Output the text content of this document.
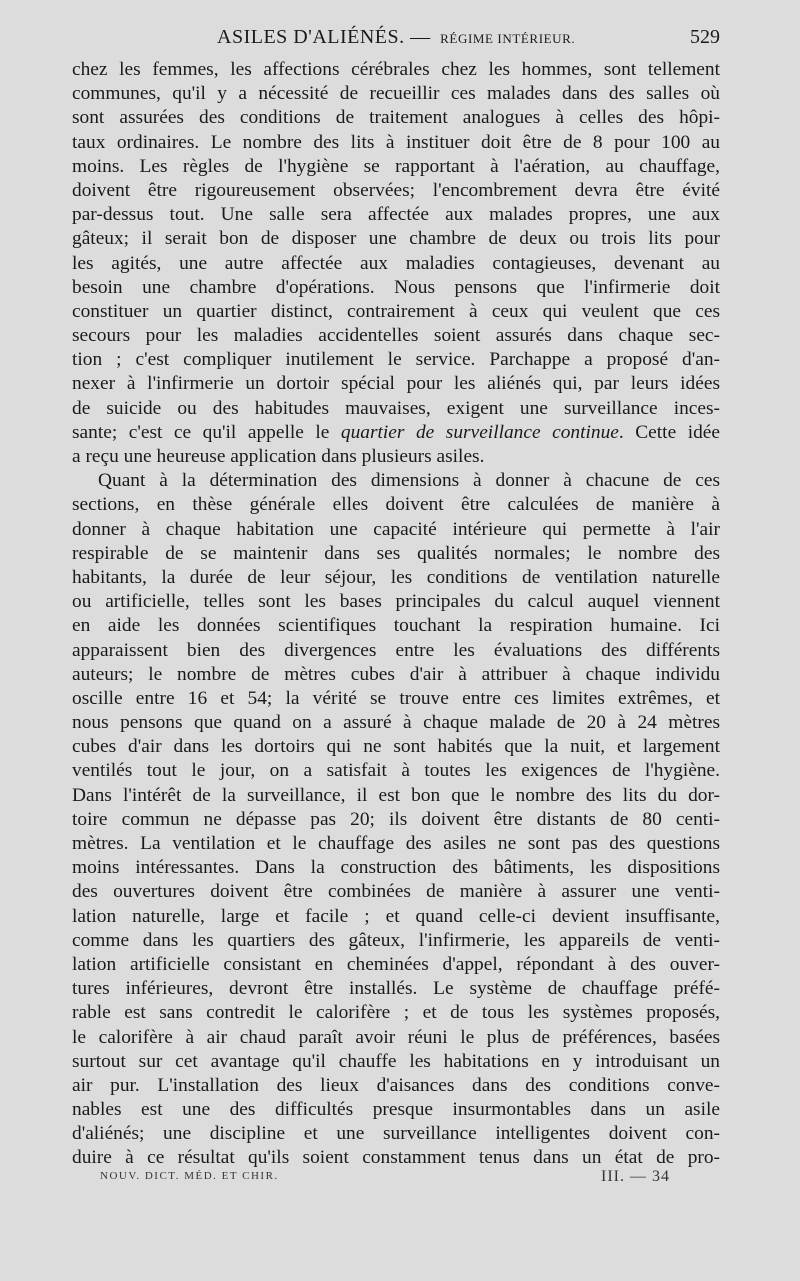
ASILES D'ALIÉNÉS. — RÉGIME INTÉRIEUR.	529
chez les femmes, les affections cérébrales chez les hommes, sont tellement
communes, qu'il y a nécessité de recueillir ces malades dans des salles où
sont assurées des conditions de traitement analogues à celles des hôpi-
taux ordinaires. Le nombre des lits à instituer doit être de 8 pour 100 au
moins. Les règles de l'hygiène se rapportant à l'aération, au chauffage,
doivent être rigoureusement observées; l'encombrement devra être évité
par-dessus tout. Une salle sera affectée aux malades propres, une aux
gâteux; il serait bon de disposer une chambre de deux ou trois lits pour
les agités, une autre affectée aux maladies contagieuses, devenant au
besoin une chambre d'opérations. Nous pensons que l'infirmerie doit
constituer un quartier distinct, contrairement à ceux qui veulent que ces
secours pour les maladies accidentelles soient assurés dans chaque sec-
tion ; c'est compliquer inutilement le service. Parchappe a proposé d'an-
nexer à l'infirmerie un dortoir spécial pour les aliénés qui, par leurs idées
de suicide ou des habitudes mauvaises, exigent une surveillance inces-
sante; c'est ce qu'il appelle le quartier de surveillance continue. Cette idée
a reçu une heureuse application dans plusieurs asiles.
Quant à la détermination des dimensions à donner à chacune de ces
sections, en thèse générale elles doivent être calculées de manière à
donner à chaque habitation une capacité intérieure qui permette à l'air
respirable de se maintenir dans ses qualités normales; le nombre des
habitants, la durée de leur séjour, les conditions de ventilation naturelle
ou artificielle, telles sont les bases principales du calcul auquel viennent
en aide les données scientifiques touchant la respiration humaine. Ici
apparaissent bien des divergences entre les évaluations des différents
auteurs; le nombre de mètres cubes d'air à attribuer à chaque individu
oscille entre 16 et 54; la vérité se trouve entre ces limites extrêmes, et
nous pensons que quand on a assuré à chaque malade de 20 à 24 mètres
cubes d'air dans les dortoirs qui ne sont habités que la nuit, et largement
ventilés tout le jour, on a satisfait à toutes les exigences de l'hygiène.
Dans l'intérêt de la surveillance, il est bon que le nombre des lits du dor-
toire commun ne dépasse pas 20; ils doivent être distants de 80 centi-
mètres. La ventilation et le chauffage des asiles ne sont pas des questions
moins intéressantes. Dans la construction des bâtiments, les dispositions
des ouvertures doivent être combinées de manière à assurer une venti-
lation naturelle, large et facile ; et quand celle-ci devient insuffisante,
comme dans les quartiers des gâteux, l'infirmerie, les appareils de venti-
lation artificielle consistant en cheminées d'appel, répondant à des ouver-
tures inférieures, devront être installés. Le système de chauffage préfé-
rable est sans contredit le calorifère ; et de tous les systèmes proposés,
le calorifère à air chaud paraît avoir réuni le plus de préférences, basées
surtout sur cet avantage qu'il chauffe les habitations en y introduisant un
air pur. L'installation des lieux d'aisances dans des conditions conve-
nables est une des difficultés presque insurmontables dans un asile
d'aliénés; une discipline et une surveillance intelligentes doivent con-
duire à ce résultat qu'ils soient constamment tenus dans un état de pro-
NOUV. DICT. MÉD. ET CHIR.	III. — 34
